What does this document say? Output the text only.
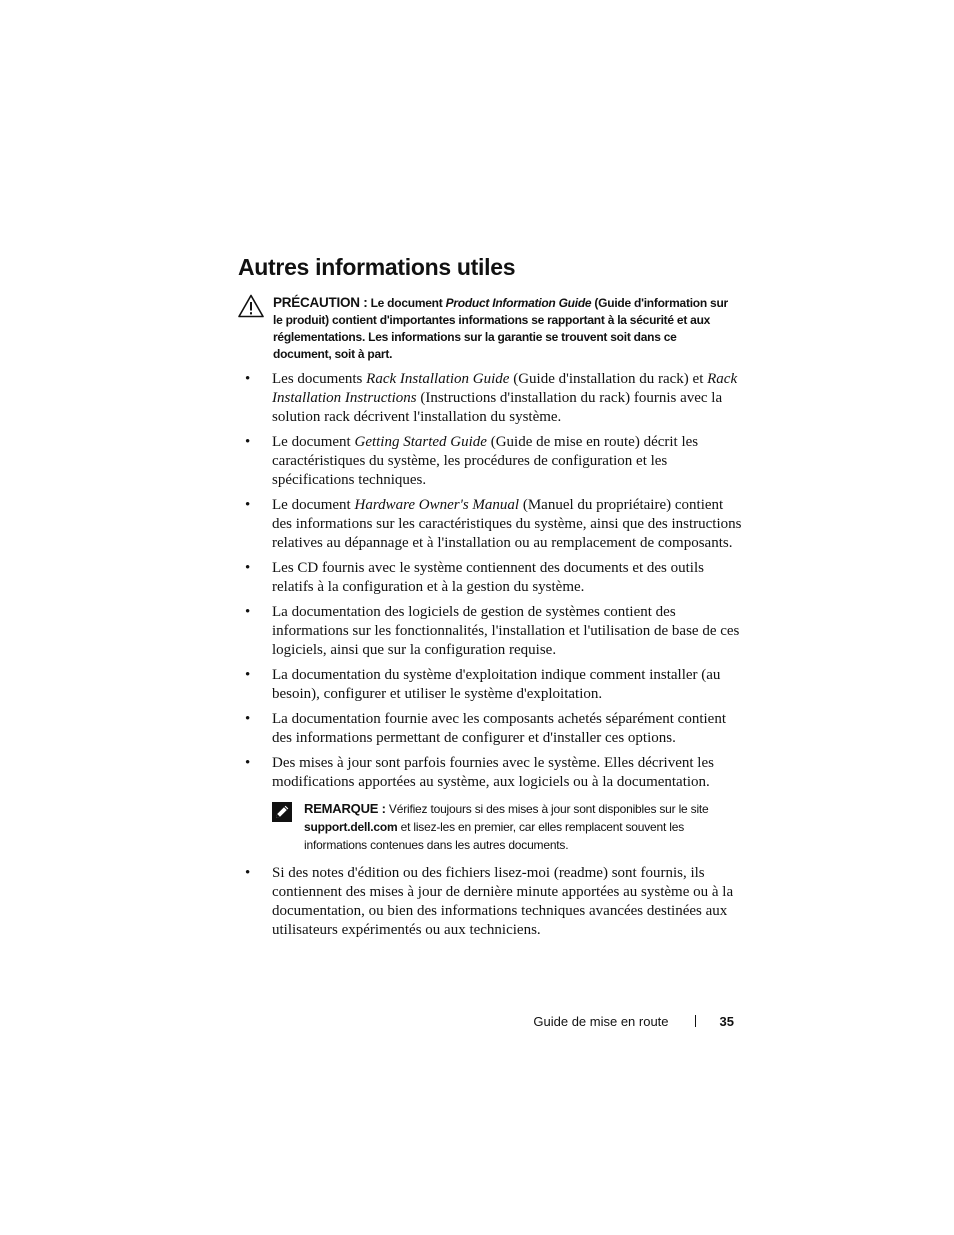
Autres informations utiles
PRÉCAUTION : Le document Product Information Guide (Guide d'information sur le produit) contient d'importantes informations se rapportant à la sécurité et aux réglementations. Les informations sur la garantie se trouvent soit dans ce document, soit à part.
• Les documents Rack Installation Guide (Guide d'installation du rack) et Rack Installation Instructions (Instructions d'installation du rack) fournis avec la solution rack décrivent l'installation du système.
• Le document Getting Started Guide (Guide de mise en route) décrit les caractéristiques du système, les procédures de configuration et les spécifications techniques.
• Le document Hardware Owner's Manual (Manuel du propriétaire) contient des informations sur les caractéristiques du système, ainsi que des instructions relatives au dépannage et à l'installation ou au remplacement de composants.
• Les CD fournis avec le système contiennent des documents et des outils relatifs à la configuration et à la gestion du système.
• La documentation des logiciels de gestion de systèmes contient des informations sur les fonctionnalités, l'installation et l'utilisation de base de ces logiciels, ainsi que sur la configuration requise.
• La documentation du système d'exploitation indique comment installer (au besoin), configurer et utiliser le système d'exploitation.
• La documentation fournie avec les composants achetés séparément contient des informations permettant de configurer et d'installer ces options.
• Des mises à jour sont parfois fournies avec le système. Elles décrivent les modifications apportées au système, aux logiciels ou à la documentation.
REMARQUE : Vérifiez toujours si des mises à jour sont disponibles sur le site support.dell.com et lisez-les en premier, car elles remplacent souvent les informations contenues dans les autres documents.
• Si des notes d'édition ou des fichiers lisez-moi (readme) sont fournis, ils contiennent des mises à jour de dernière minute apportées au système ou à la documentation, ou bien des informations techniques avancées destinées aux utilisateurs expérimentés ou aux techniciens.
Guide de mise en route	35
